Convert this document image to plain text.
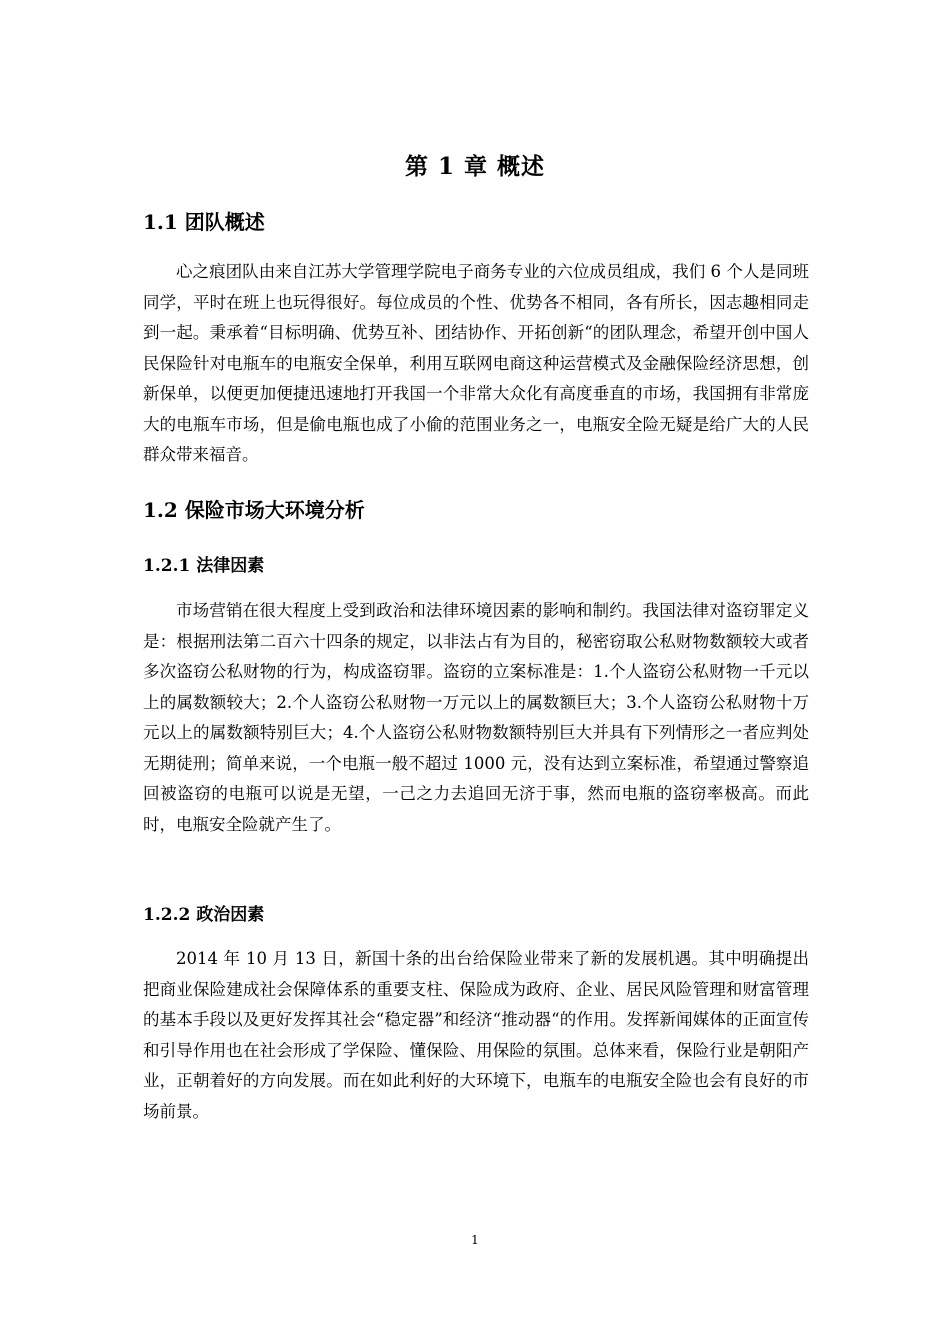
第 1 章 概述
1.1 团队概述

心之痕团队由来自江苏大学管理学院电子商务专业的六位成员组成，我们 6 个人是同班同学，平时在班上也玩得很好。每位成员的个性、优势各不相同，各有所长，因志趣相同走到一起。秉承着“目标明确、优势互补、团结协作、开拓创新“的团队理念，希望开创中国人民保险针对电瓶车的电瓶安全保单，利用互联网电商这种运营模式及金融保险经济思想，创新保单，以便更加便捷迅速地打开我国一个非常大众化有高度垂直的市场，我国拥有非常庞大的电瓶车市场，但是偷电瓶也成了小偷的范围业务之一，电瓶安全险无疑是给广大的人民群众带来福音。

1.2 保险市场大环境分析
1.2.1 法律因素

市场营销在很大程度上受到政治和法律环境因素的影响和制约。我国法律对盗窃罪定义是：根据刑法第二百六十四条的规定，以非法占有为目的，秘密窃取公私财物数额较大或者多次盗窃公私财物的行为，构成盗窃罪。盗窃的立案标准是：1.个人盗窃公私财物一千元以上的属数额较大；2.个人盗窃公私财物一万元以上的属数额巨大；3.个人盗窃公私财物十万元以上的属数额特别巨大；4.个人盗窃公私财物数额特别巨大并具有下列情形之一者应判处无期徒刑；简单来说，一个电瓶一般不超过 1000 元，没有达到立案标准，希望通过警察追回被盗窃的电瓶可以说是无望，一己之力去追回无济于事，然而电瓶的盗窃率极高。而此时，电瓶安全险就产生了。

1.2.2 政治因素

2014 年 10 月 13 日，新国十条的出台给保险业带来了新的发展机遇。其中明确提出把商业保险建成社会保障体系的重要支柱、保险成为政府、企业、居民风险管理和财富管理的基本手段以及更好发挥其社会“稳定器”和经济“推动器“的作用。发挥新闻媒体的正面宣传和引导作用也在社会形成了学保险、懂保险、用保险的氛围。总体来看，保险行业是朝阳产业，正朝着好的方向发展。而在如此利好的大环境下，电瓶车的电瓶安全险也会有良好的市场前景。

1
